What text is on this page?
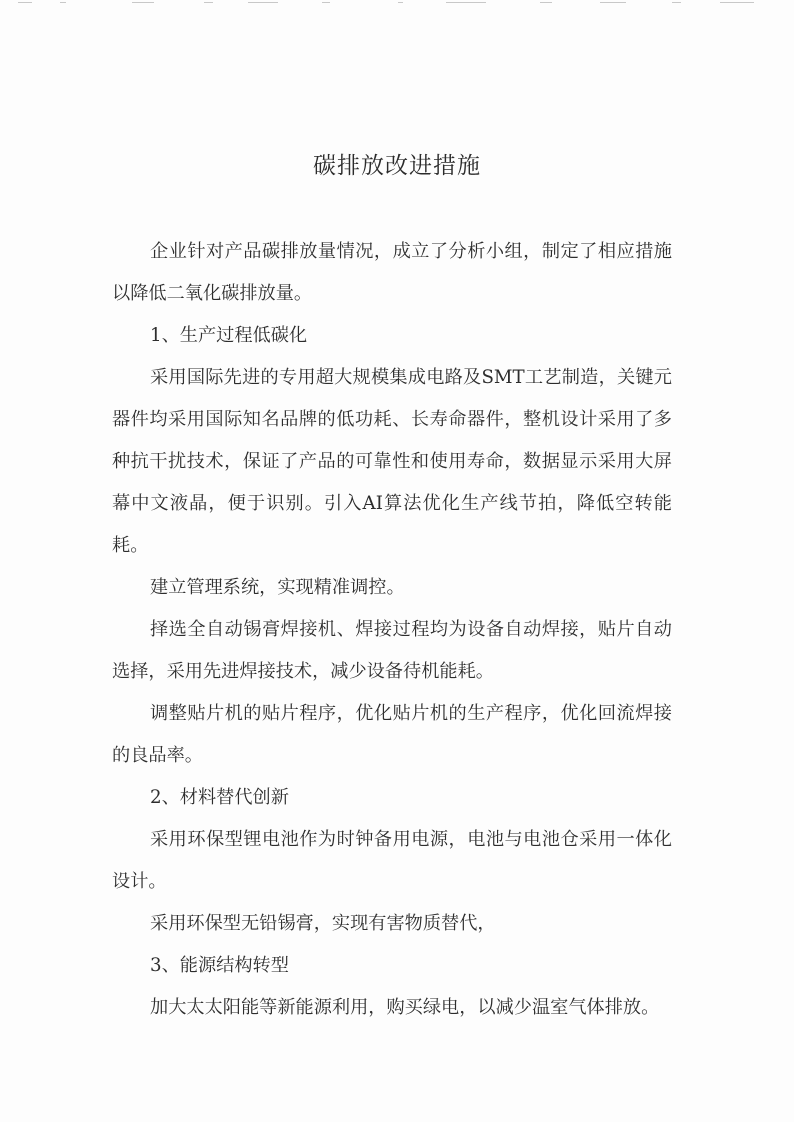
碳排放改进措施

企业针对产品碳排放量情况，成立了分析小组，制定了相应措施以降低二氧化碳排放量。

1、生产过程低碳化

采用国际先进的专用超大规模集成电路及SMT工艺制造，关键元器件均采用国际知名品牌的低功耗、长寿命器件，整机设计采用了多种抗干扰技术，保证了产品的可靠性和使用寿命，数据显示采用大屏幕中文液晶，便于识别。引入AI算法优化生产线节拍，降低空转能耗。

建立管理系统，实现精准调控。

择选全自动锡膏焊接机、焊接过程均为设备自动焊接，贴片自动选择，采用先进焊接技术，减少设备待机能耗。

调整贴片机的贴片程序，优化贴片机的生产程序，优化回流焊接的良品率。

2、材料替代创新

采用环保型锂电池作为时钟备用电源，电池与电池仓采用一体化设计。

采用环保型无铅锡膏，实现有害物质替代，

3、能源结构转型

加大太太阳能等新能源利用，购买绿电，以减少温室气体排放。
